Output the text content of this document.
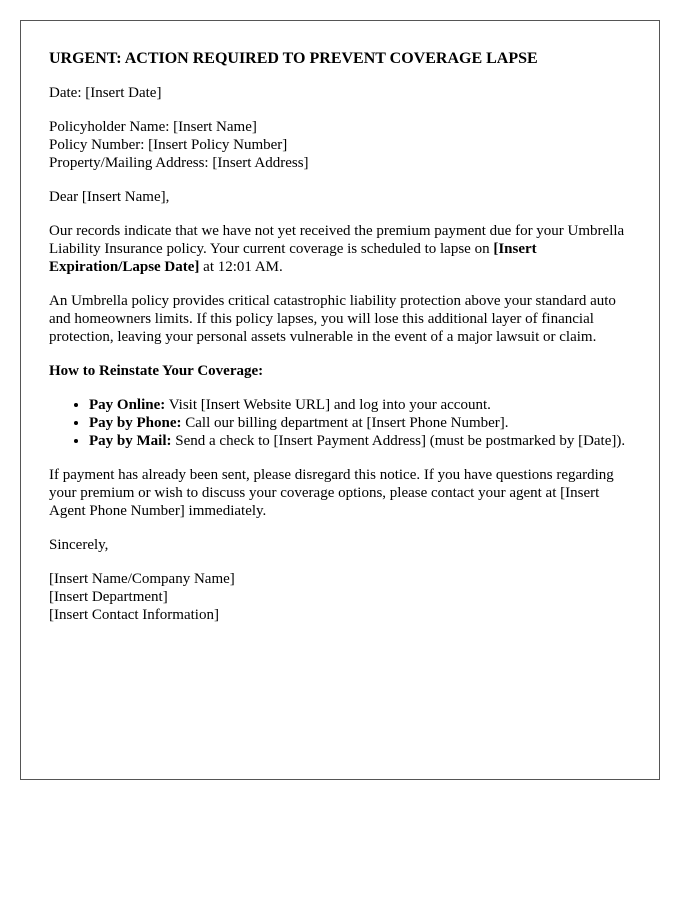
URGENT: ACTION REQUIRED TO PREVENT COVERAGE LAPSE

Date: [Insert Date]

Policyholder Name: [Insert Name]
Policy Number: [Insert Policy Number]
Property/Mailing Address: [Insert Address]

Dear [Insert Name],

Our records indicate that we have not yet received the premium payment due for your Umbrella Liability Insurance policy. Your current coverage is scheduled to lapse on [Insert Expiration/Lapse Date] at 12:01 AM.

An Umbrella policy provides critical catastrophic liability protection above your standard auto and homeowners limits. If this policy lapses, you will lose this additional layer of financial protection, leaving your personal assets vulnerable in the event of a major lawsuit or claim.

How to Reinstate Your Coverage:
• Pay Online: Visit [Insert Website URL] and log into your account.
• Pay by Phone: Call our billing department at [Insert Phone Number].
• Pay by Mail: Send a check to [Insert Payment Address] (must be postmarked by [Date]).

If payment has already been sent, please disregard this notice. If you have questions regarding your premium or wish to discuss your coverage options, please contact your agent at [Insert Agent Phone Number] immediately.

Sincerely,

[Insert Name/Company Name]
[Insert Department]
[Insert Contact Information]
